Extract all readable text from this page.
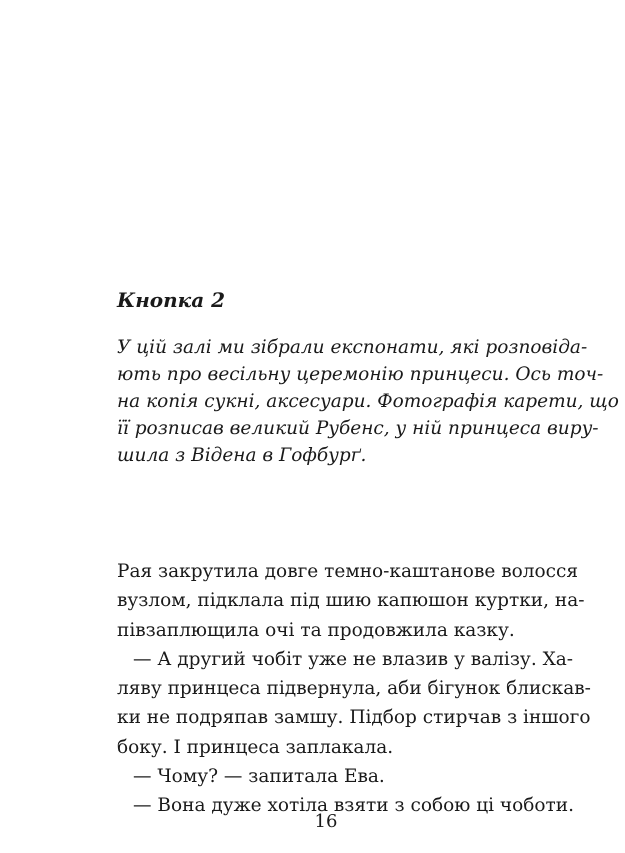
Кнопка 2
У цій залі ми зібрали експонати, які розповіда-
ють про весільну церемонію принцеси. Ось точ-
на копія сукні, аксесуари. Фотографія карети, що
її розписав великий Рубенс, у ній принцеса виру-
шила з Відена в Гофбурґ.
Рая закрутила довге темно-каштанове волосся
вузлом, підклала під шию капюшон куртки, на-
півзаплющила очі та продовжила казку.
— А другий чобіт уже не влазив у валізу. Ха-
ляву принцеса підвернула, аби бігунок блискав-
ки не подряпав замшу. Підбор стирчав з іншого
боку. І принцеса заплакала.
— Чому? — запитала Ева.
— Вона дуже хотіла взяти з собою ці чоботи.
16
